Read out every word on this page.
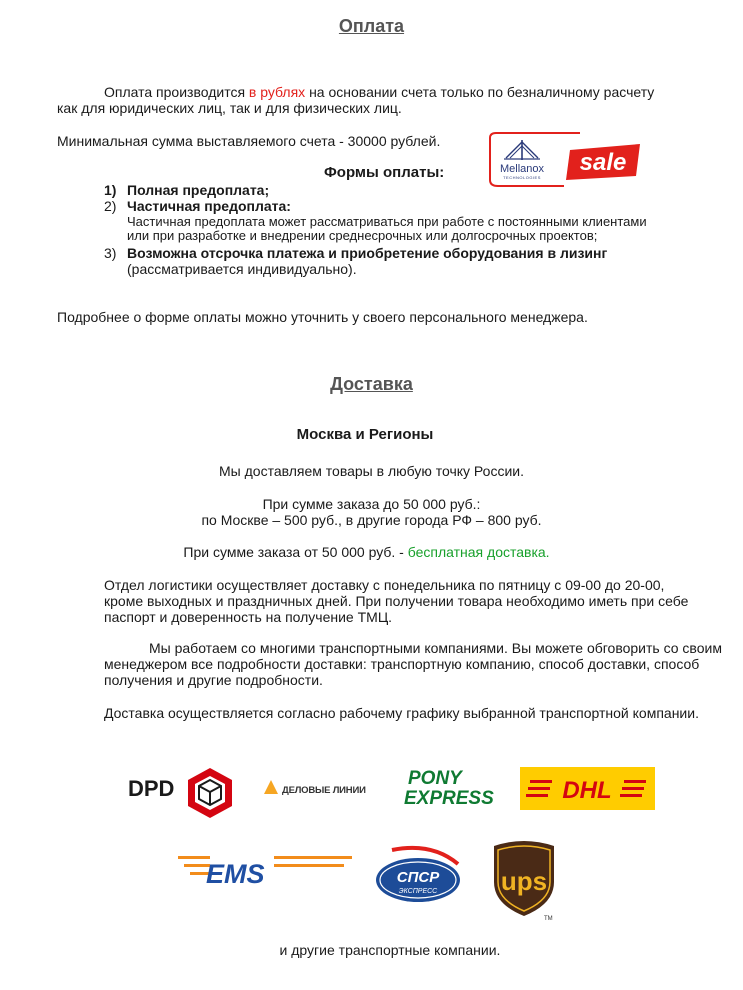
Оплата
Оплата производится в рублях на основании счета только по безналичному расчету
как для юридических лиц, так и для физических лиц.
Минимальная сумма выставляемого счета - 30000 рублей.
Формы оплаты:
1) Полная предоплата;
2) Частичная предоплата:
Частичная предоплата может рассматриваться при работе с постоянными клиентами
или при разработке и внедрении среднесрочных или долгосрочных проектов;
3) Возможна отсрочка платежа и приобретение оборудования в лизинг
(рассматривается индивидуально).
Подробнее о форме оплаты можно уточнить у своего персонального менеджера.
Mellanox
TECHNOLOGIES
sale
Доставка
Москва и Регионы
Мы доставляем товары в любую точку России.
При сумме заказа до 50 000 руб.:
по Москве – 500 руб., в другие города РФ – 800 руб.
При сумме заказа от 50 000 руб. - бесплатная доставка.
Отдел логистики осуществляет доставку с понедельника по пятницу с 09-00 до 20-00,
кроме выходных и праздничных дней. При получении товара необходимо иметь при себе
паспорт и доверенность на получение ТМЦ.
Мы работаем со многими транспортными компаниями. Вы можете обговорить со своим
менеджером все подробности доставки: транспортную компанию, способ доставки, способ
получения и другие подробности.
Доставка осуществляется согласно рабочему графику выбранной транспортной компании.
DPD	ДЕЛОВЫЕ ЛИНИИ
PONY
EXPRESS	DHL
EMS	СПСР
ЭКСПРЕСС ups
TM
и другие транспортные компании.
